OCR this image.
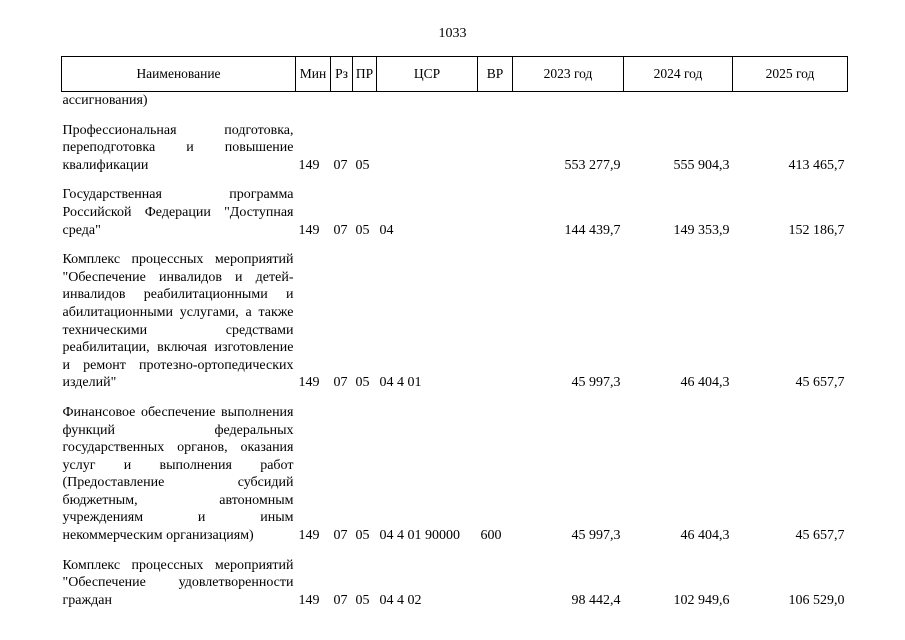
1033
Наименование	Мин	Рз	ПР	ЦСР	ВР	2023 год	2024 год	2025 год
ассигнования)								

Профессиональная подготовка, переподготовка и повышение квалификации	149	07	05			553 277,9	555 904,3	413 465,7

Государственная программа Российской Федерации "Доступная среда"	149	07	05	04		144 439,7	149 353,9	152 186,7

Комплекс процессных мероприятий "Обеспечение инвалидов и детей-инвалидов реабилитационными и абилитационными услугами, а также техническими средствами реабилитации, включая изготовление и ремонт протезно-ортопедических изделий"	149	07	05	04 4 01		45 997,3	46 404,3	45 657,7

Финансовое обеспечение выполнения функций федеральных государственных органов, оказания услуг и выполнения работ (Предоставление субсидий бюджетным, автономным учреждениям и иным некоммерческим организациям)	149	07	05	04 4 01 90000	600	45 997,3	46 404,3	45 657,7

Комплекс процессных мероприятий "Обеспечение удовлетворенности граждан	149	07	05	04 4 02		98 442,4	102 949,6	106 529,0
